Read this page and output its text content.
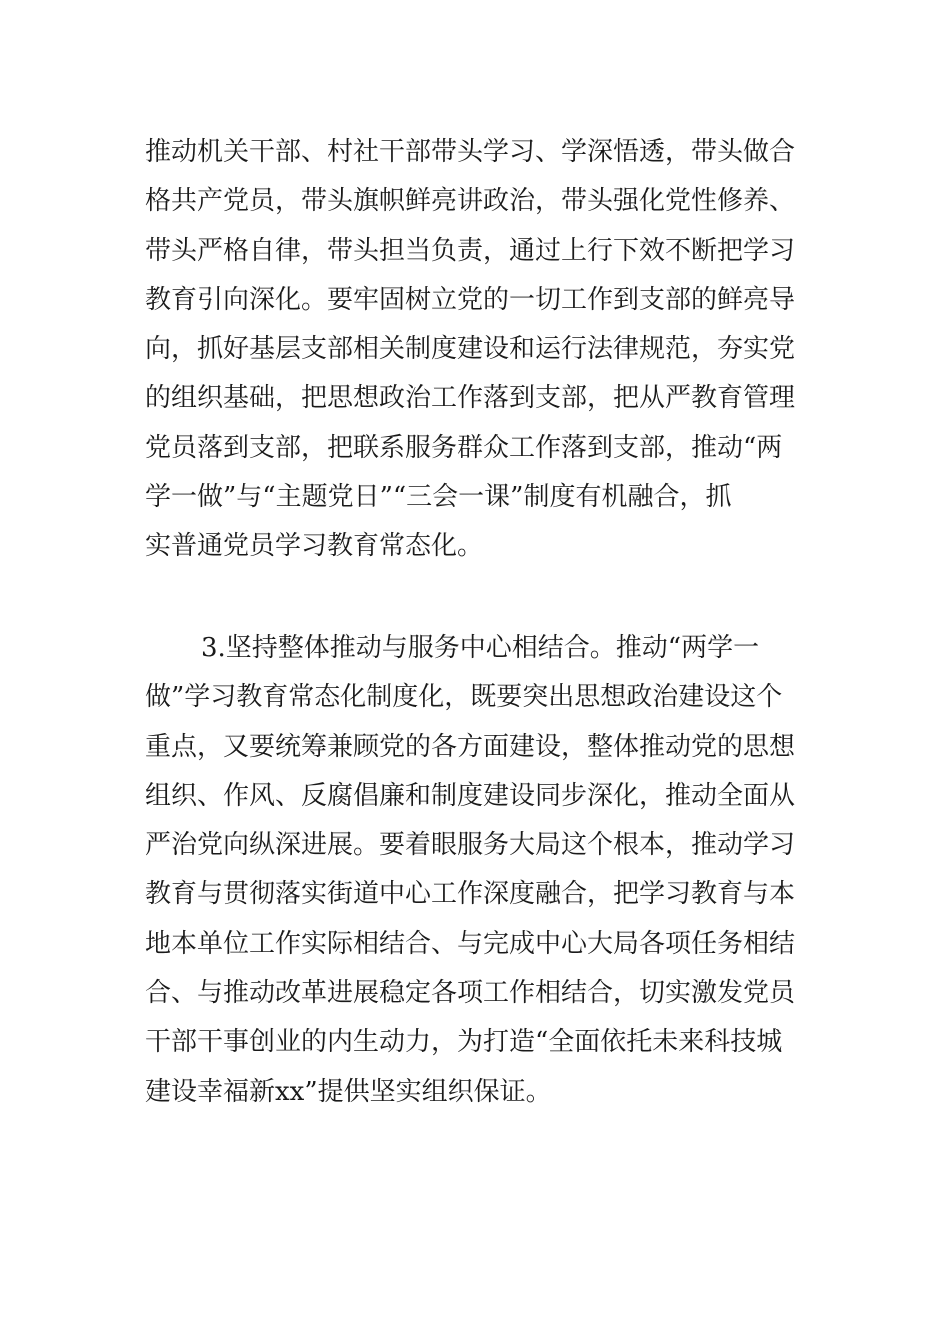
推动机关干部、村社干部带头学习、学深悟透，带头做合
格共产党员，带头旗帜鲜亮讲政治，带头强化党性修养、
带头严格自律，带头担当负责，通过上行下效不断把学习
教育引向深化。要牢固树立党的一切工作到支部的鲜亮导
向，抓好基层支部相关制度建设和运行法律规范，夯实党
的组织基础，把思想政治工作落到支部，把从严教育管理
党员落到支部，把联系服务群众工作落到支部，推动“两
学一做”与“主题党日”“三会一课”制度有机融合，抓
实普通党员学习教育常态化。

3.坚持整体推动与服务中心相结合。推动“两学一
做”学习教育常态化制度化，既要突出思想政治建设这个
重点，又要统筹兼顾党的各方面建设，整体推动党的思想
组织、作风、反腐倡廉和制度建设同步深化，推动全面从
严治党向纵深进展。要着眼服务大局这个根本，推动学习
教育与贯彻落实街道中心工作深度融合，把学习教育与本
地本单位工作实际相结合、与完成中心大局各项任务相结
合、与推动改革进展稳定各项工作相结合，切实激发党员
干部干事创业的内生动力，为打造“全面依托未来科技城
建设幸福新xx”提供坚实组织保证。
